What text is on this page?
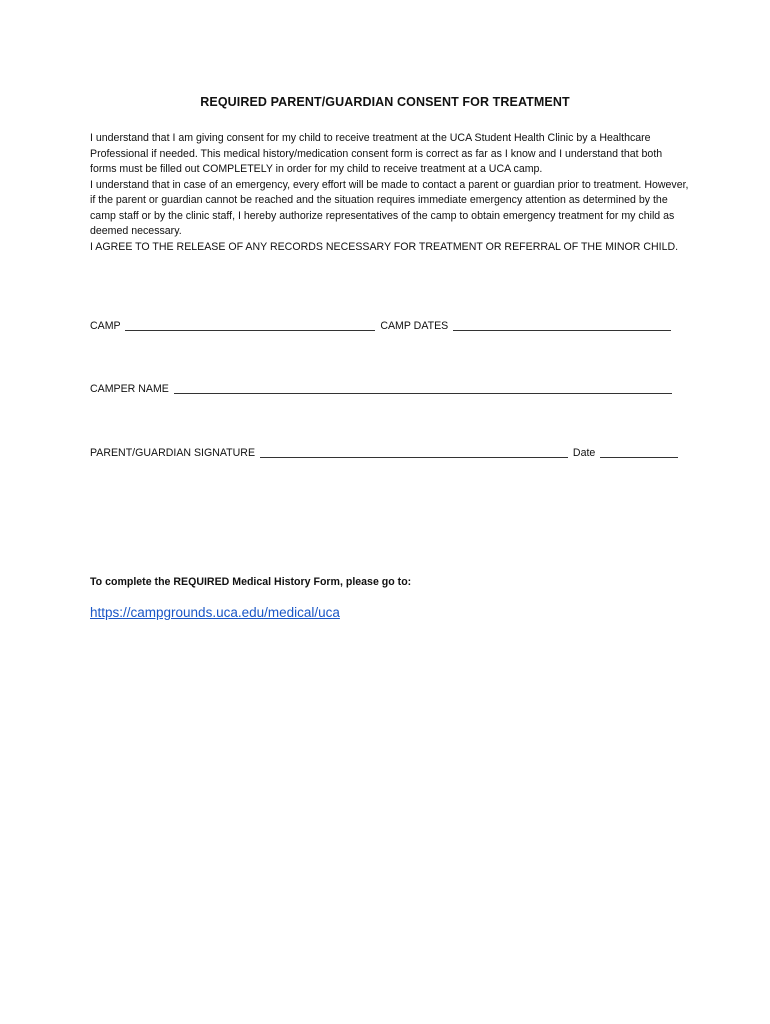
REQUIRED PARENT/GUARDIAN CONSENT FOR TREATMENT

I understand that I am giving consent for my child to receive treatment at the UCA Student Health Clinic by a Healthcare Professional if needed. This medical history/medication consent form is correct as far as I know and I understand that both forms must be filled out COMPLETELY in order for my child to receive treatment at a UCA camp.

I understand that in case of an emergency, every effort will be made to contact a parent or guardian prior to treatment. However, if the parent or guardian cannot be reached and the situation requires immediate emergency attention as determined by the camp staff or by the clinic staff, I hereby authorize representatives of the camp to obtain emergency treatment for my child as deemed necessary.

I AGREE TO THE RELEASE OF ANY RECORDS NECESSARY FOR TREATMENT OR REFERRAL OF THE MINOR CHILD.

CAMP	CAMP DATES
CAMPER NAME
PARENT/GUARDIAN SIGNATURE	Date
To complete the REQUIRED Medical History Form, please go to:
https://campgrounds.uca.edu/medical/uca
